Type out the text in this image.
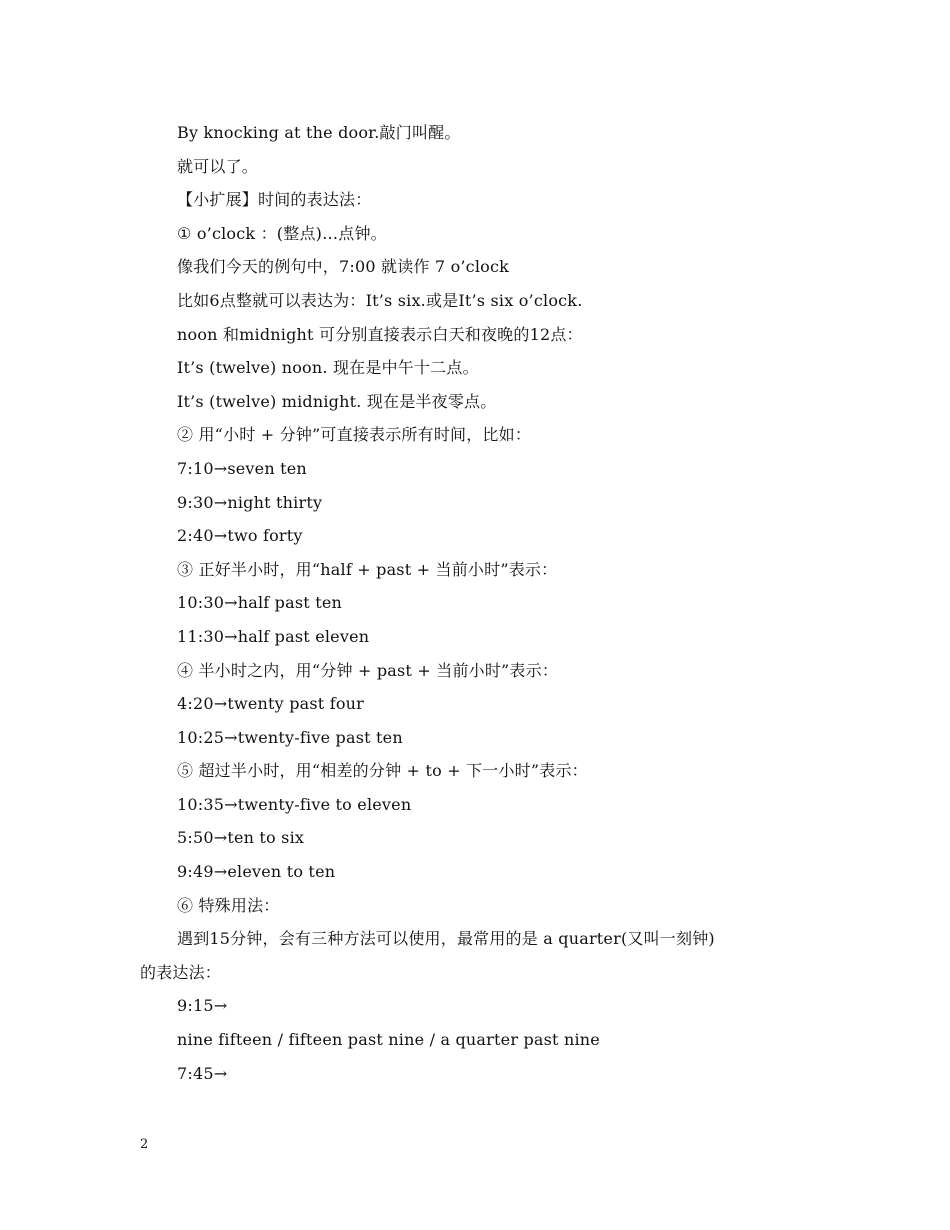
By knocking at the door.敲门叫醒。
就可以了。
【小扩展】时间的表达法：
① o’clock ：(整点)…点钟。
像我们今天的例句中，7:00 就读作 7 o’clock
比如6点整就可以表达为：It’s six.或是It’s six o’clock.
noon 和midnight 可分别直接表示白天和夜晚的12点：
It’s (twelve) noon. 现在是中午十二点。
It’s (twelve) midnight. 现在是半夜零点。
② 用“小时 + 分钟”可直接表示所有时间，比如：
7:10→seven ten
9:30→night thirty
2:40→two forty
③ 正好半小时，用“half + past + 当前小时”表示：
10:30→half past ten
11:30→half past eleven
④ 半小时之内，用“分钟 + past + 当前小时”表示：
4:20→twenty past four
10:25→twenty-five past ten
⑤ 超过半小时，用“相差的分钟 + to + 下一小时”表示：
10:35→twenty-five to eleven
5:50→ten to six
9:49→eleven to ten
⑥ 特殊用法：
遇到15分钟，会有三种方法可以使用，最常用的是 a quarter(又叫一刻钟)
的表达法：
9:15→
nine fifteen / fifteen past nine / a quarter past nine
7:45→
2
